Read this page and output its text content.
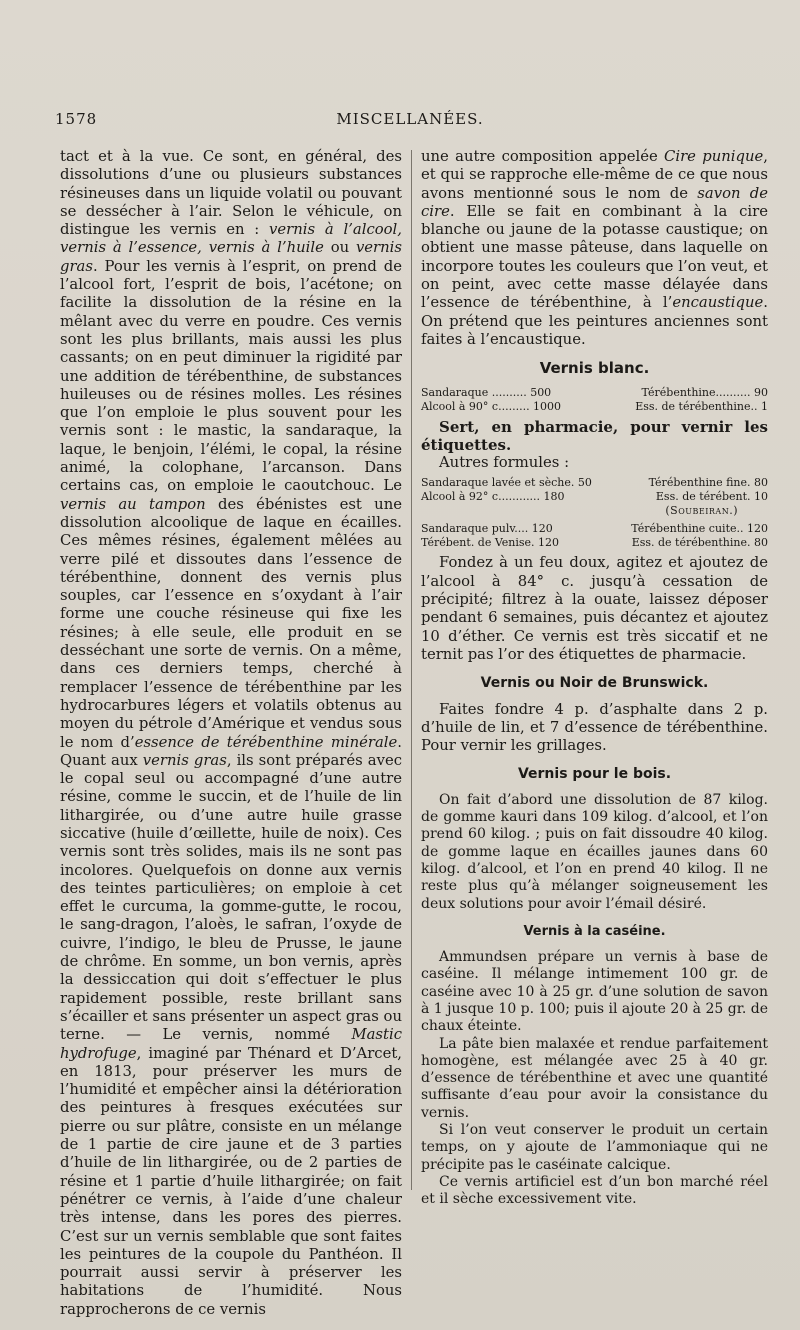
1578	MISCELLANÉES.

tact et à la vue. Ce sont, en général, des dissolutions d’une ou plusieurs substances résineuses dans un liquide volatil ou pouvant se dessécher à l’air. Selon le véhicule, on distingue les vernis en : vernis à l’alcool, vernis à l’essence, vernis à l’huile ou vernis gras. Pour les vernis à l’esprit, on prend de l’alcool fort, l’esprit de bois, l’acétone; on facilite la dissolution de la résine en la mêlant avec du verre en poudre. Ces vernis sont les plus brillants, mais aussi les plus cassants; on en peut diminuer la rigidité par une addition de térébenthine, de substances huileuses ou de résines molles. Les résines que l’on emploie le plus souvent pour les vernis sont : le mastic, la sandaraque, la laque, le benjoin, l’élémi, le copal, la résine animé, la colophane, l’arcanson. Dans certains cas, on emploie le caoutchouc. Le vernis au tampon des ébénistes est une dissolution alcoolique de laque en écailles. Ces mêmes résines, également mêlées au verre pilé et dissoutes dans l’essence de térébenthine, donnent des vernis plus souples, car l’essence en s’oxydant à l’air forme une couche résineuse qui fixe les résines; à elle seule, elle produit en se desséchant une sorte de vernis. On a même, dans ces derniers temps, cherché à remplacer l’essence de térébenthine par les hydrocarbures légers et volatils obtenus au moyen du pétrole d’Amérique et vendus sous le nom d’essence de térébenthine minérale. Quant aux vernis gras, ils sont préparés avec le copal seul ou accompagné d’une autre résine, comme le succin, et de l’huile de lin lithargirée, ou d’une autre huile grasse siccative (huile d’œillette, huile de noix). Ces vernis sont très solides, mais ils ne sont pas incolores. Quelquefois on donne aux vernis des teintes particulières; on emploie à cet effet le curcuma, la gomme-gutte, le rocou, le sang-dragon, l’aloès, le safran, l’oxyde de cuivre, l’indigo, le bleu de Prusse, le jaune de chrôme. En somme, un bon vernis, après la dessiccation qui doit s’effectuer le plus rapidement possible, reste brillant sans s’écailler et sans présenter un aspect gras ou terne. — Le vernis, nommé Mastic hydrofuge, imaginé par Thénard et D’Arcet, en 1813, pour préserver les murs de l’humidité et empêcher ainsi la détérioration des peintures à fresques exécutées sur pierre ou sur plâtre, consiste en un mélange de 1 partie de cire jaune et de 3 parties d’huile de lin lithargirée, ou de 2 parties de résine et 1 partie d’huile lithargirée; on fait pénétrer ce vernis, à l’aide d’une chaleur très intense, dans les pores des pierres. C’est sur un vernis semblable que sont faites les peintures de la coupole du Panthéon. Il pourrait aussi servir à préserver les habitations de l’humidité. Nous rapprocherons de ce vernis

une autre composition appelée Cire punique, et qui se rapproche elle-même de ce que nous avons mentionné sous le nom de savon de cire. Elle se fait en combinant à la cire blanche ou jaune de la potasse caustique; on obtient une masse pâteuse, dans laquelle on incorpore toutes les couleurs que l’on veut, et on peint, avec cette masse délayée dans l’essence de térébenthine, à l’encaustique. On prétend que les peintures anciennes sont faites à l’encaustique.

Vernis blanc.
Sandaraque .......... 500	Térébenthine.......... 90
Alcool à 90° c......... 1000	Ess. de térébenthine.. 1

Sert, en pharmacie, pour vernir les étiquettes.

Autres formules :

Sandaraque lavée et sèche. 50	Térébenthine fine. 80
Alcool à 92° c............ 180	Ess. de térébent. 10
(Soubeiran.)
Sandaraque pulv.... 120	Térébenthine cuite.. 120
Térébent. de Venise. 120	Ess. de térébenthine. 80

Fondez à un feu doux, agitez et ajoutez de l’alcool à 84° c. jusqu’à cessation de précipité; filtrez à la ouate, laissez déposer pendant 6 semaines, puis décantez et ajoutez 10 d’éther. Ce vernis est très siccatif et ne ternit pas l’or des étiquettes de pharmacie.

Vernis ou Noir de Brunswick.

Faites fondre 4 p. d’asphalte dans 2 p. d’huile de lin, et 7 d’essence de térébenthine. Pour vernir les grillages.

Vernis pour le bois.

On fait d’abord une dissolution de 87 kilog. de gomme kauri dans 109 kilog. d’alcool, et l’on prend 60 kilog. ; puis on fait dissoudre 40 kilog. de gomme laque en écailles jaunes dans 60 kilog. d’alcool, et l’on en prend 40 kilog. Il ne reste plus qu’à mélanger soigneusement les deux solutions pour avoir l’émail désiré.

Vernis à la caséine.

Ammundsen prépare un vernis à base de caséine. Il mélange intimement 100 gr. de caséine avec 10 à 25 gr. d’une solution de savon à 1 jusque 10 p. 100; puis il ajoute 20 à 25 gr. de chaux éteinte.

La pâte bien malaxée et rendue parfaitement homogène, est mélangée avec 25 à 40 gr. d’essence de térébenthine et avec une quantité suffisante d’eau pour avoir la consistance du vernis.

Si l’on veut conserver le produit un certain temps, on y ajoute de l’ammoniaque qui ne précipite pas le caséinate calcique.

Ce vernis artificiel est d’un bon marché réel et il sèche excessivement vite.
